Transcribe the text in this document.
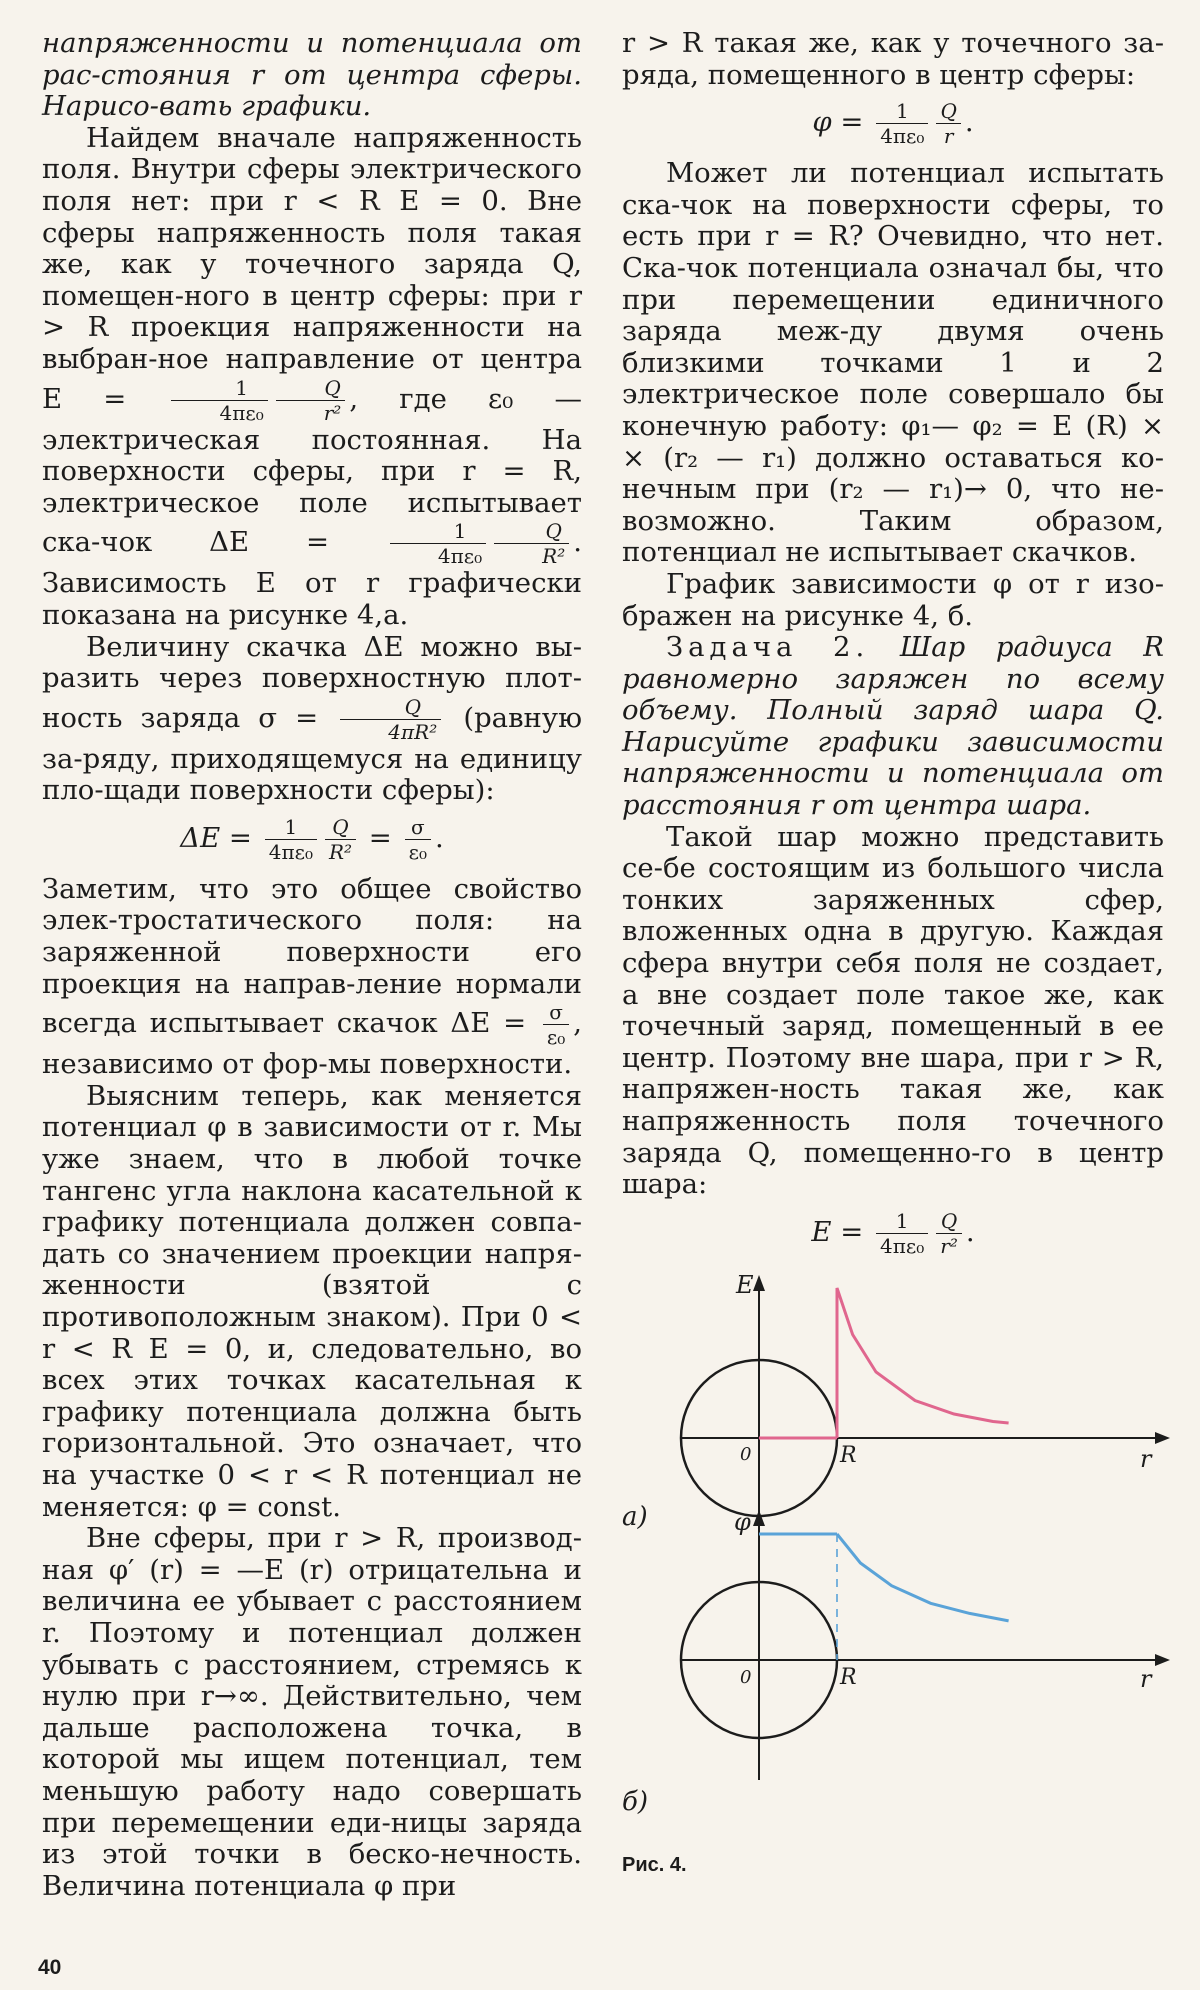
напряженности и потенциала от рас-стояния r от центра сферы. Нарисо-вать графики.

Найдем вначале напряженность поля. Внутри сферы электрического поля нет: при r < R E = 0. Вне сферы напряженность поля такая же, как у точечного заряда Q, помещен-ного в центр сферы: при r > R проекция напряженности на выбран-ное направление от центра $E = \frac{1}{\text{4πε₀}} \frac{Q}{\text{r²}}$ , где ε₀ — электрическая постоянная. На поверхности сферы, при r = R, электрическое поле испытывает ска-чок ΔE =	$\frac{1}{\text{4πε₀}} \frac{Q}{\text{R²}}$ . Зависимость E от r графически показана на рисунке 4,а.

Величину скачка ΔE можно вы-разить через поверхностную плот-ность заряда $\sigma = \frac{Q}{\text{4πR²}}$ (равную за-ряду, приходящемуся на единицу пло-щади поверхности сферы):

$\Delta E = \frac{1}{\text{4πε₀}} \frac{Q}{\text{R²}} = \frac{\sigma}{\text{ε₀}}$ .

Заметим, что это общее свойство элек-тростатического поля: на заряженной поверхности его проекция на направ-ление нормали всегда испытывает скачок $\Delta E = \frac{\sigma}{\text{ε₀}}$ , независимо от фор-мы поверхности.

Выясним теперь, как меняется потенциал φ в зависимости от r. Мы уже знаем, что в любой точке тангенс угла наклона касательной к графику потенциала должен совпа-дать со значением проекции напря-женности (взятой с противоположным знаком). При 0 < r < R E = 0, и, следовательно, во всех этих точках касательная к графику потенциала должна быть горизонтальной. Это означает, что на участке 0 < r < R потенциал не меняется: φ = const.

Вне сферы, при r > R, производ-ная φ′ (r) = —E (r) отрицательна и величина ее убывает с расстоянием r. Поэтому и потенциал должен убывать с расстоянием, стремясь к нулю при r→∞. Действительно, чем дальше расположена точка, в которой мы ищем потенциал, тем меньшую работу надо совершать при перемещении еди-ницы заряда из этой точки в беско-нечность. Величина потенциала φ при

r > R такая же, как у точечного за-ряда, помещенного в центр сферы:

$\varphi = \frac{1}{\text{4πε₀}} \frac{Q}{r}$ .

Может ли потенциал испытать ска-чок на поверхности сферы, то есть при r = R? Очевидно, что нет. Ска-чок потенциала означал бы, что при перемещении единичного заряда меж-ду двумя очень близкими точками 1 и 2 электрическое поле совершало бы конечную работу: φ₁— φ₂ = E (R) × × (r₂ — r₁) должно оставаться ко-нечным при (r₂ — r₁)→ 0, что не-возможно. Таким образом, потенциал не испытывает скачков.

График зависимости φ от r изо-бражен на рисунке 4, б.

Задача 2. Шар радиуса R равномерно заряжен по всему объему. Полный заряд шара Q. Нарисуйте графики зависимости напряженности и потенциала от расстояния r от центра шара.

Такой шар можно представить се-бе состоящим из большого числа тонких заряженных сфер, вложенных одна в другую. Каждая сфера внутри себя поля не создает, а вне создает поле такое же, как точечный заряд, помещенный в ее центр. Поэтому вне шара, при r > R, напряжен-ность такая же, как напряженность поля точечного заряда Q, помещенно-го в центр шара:

$E = \frac{1}{\text{4πε₀}} \frac{Q}{\text{r²}}$ .
E
r
0	R
а)	φ
r
0	R
б)
Рис. 4.
40
